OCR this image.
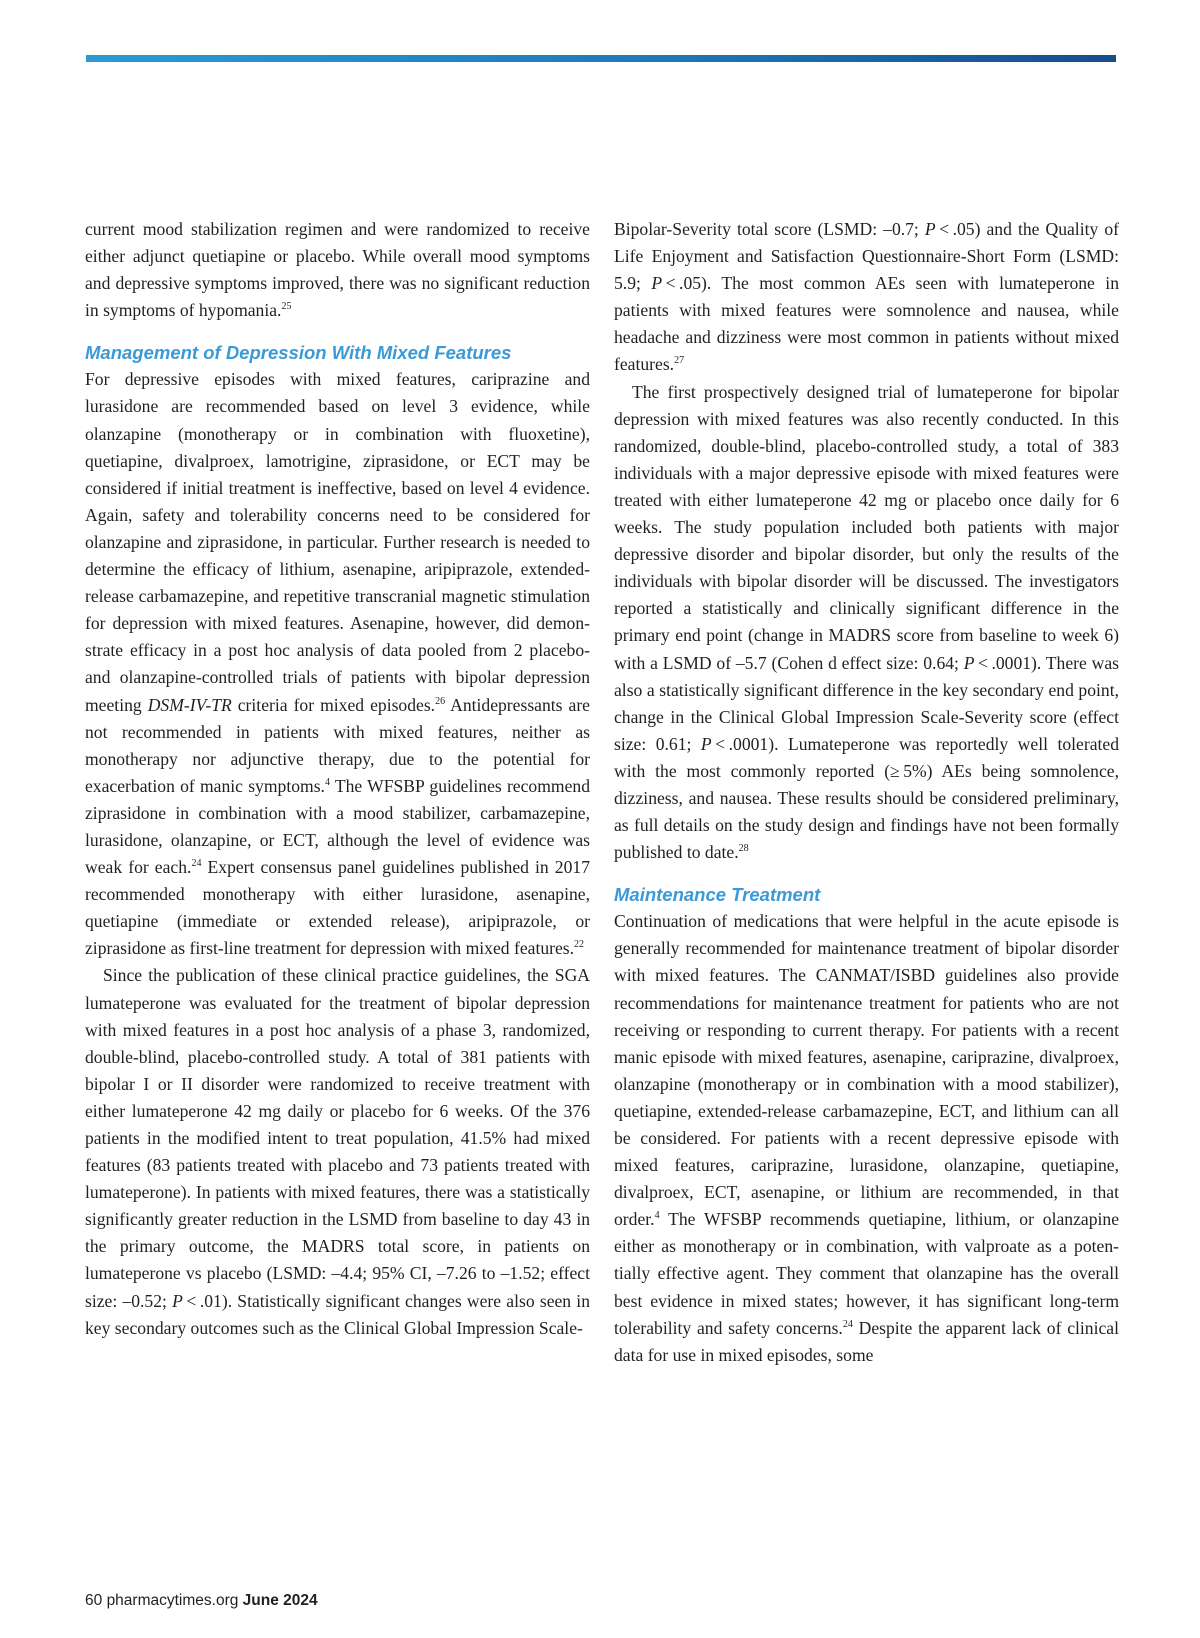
current mood stabilization regimen and were randomized to receive either adjunct quetiapine or placebo. While overall mood symptoms and depressive symptoms improved, there was no significant reduction in symptoms of hypomania.$^{25}$

Management of Depression With Mixed Features

For depressive episodes with mixed features, cariprazine and lurasidone are recommended based on level 3 evidence, while olanzapine (monotherapy or in combination with fluoxetine), quetiapine, divalproex, lamotrigine, ziprasidone, or ECT may be considered if initial treatment is ineffective, based on level 4 evidence. Again, safety and tolerability concerns need to be considered for olanzapine and ziprasidone, in particular. Further research is needed to determine the efficacy of lithium, asenapine, aripiprazole, extended-release carbamazepine, and repetitive transcranial magnetic stimulation for depression with mixed features. Asenapine, however, did demonstrate efficacy in a post hoc analysis of data pooled from 2 placebo- and olanzapine-controlled trials of patients with bipolar depression meeting DSM-IV-TR criteria for mixed episodes.$^{26}$ Antidepressants are not recommended in patients with mixed features, neither as monotherapy nor adjunctive therapy, due to the potential for exacerbation of manic symptoms.$^4$ The WFSBP guidelines recommend ziprasidone in combination with a mood stabilizer, carbamazepine, lurasidone, olanzapine, or ECT, although the level of evidence was weak for each.$^{24}$ Expert consensus panel guidelines published in 2017 recommended monotherapy with either lurasidone, asenapine, quetiapine (immediate or extended release), aripiprazole, or ziprasidone as first-line treatment for depression with mixed features.$^{22}$

Since the publication of these clinical practice guidelines, the SGA lumateperone was evaluated for the treatment of bipolar depression with mixed features in a post hoc analysis of a phase 3, randomized, double-blind, placebo-controlled study. A total of 381 patients with bipolar I or II disorder were randomized to receive treatment with either lumateperone 42 mg daily or placebo for 6 weeks. Of the 376 patients in the modified intent to treat population, 41.5% had mixed features (83 patients treated with placebo and 73 patients treated with lumateperone). In patients with mixed features, there was a statistically significantly greater reduction in the LSMD from baseline to day 43 in the primary outcome, the MADRS total score, in patients on lumateperone vs placebo (LSMD: –4.4; 95% CI, –7.26 to –1.52; effect size: –0.52; P < .01). Statistically significant changes were also seen in key secondary outcomes such as the Clinical Global Impression Scale-

Bipolar-Severity total score (LSMD: –0.7; P < .05) and the Quality of Life Enjoyment and Satisfaction Questionnaire-Short Form (LSMD: 5.9; P < .05). The most common AEs seen with lumateperone in patients with mixed features were somnolence and nausea, while headache and dizziness were most common in patients without mixed features.$^{27}$

The first prospectively designed trial of lumateperone for bipolar depression with mixed features was also recently conducted. In this randomized, double-blind, placebo-controlled study, a total of 383 individuals with a major depressive episode with mixed features were treated with either lumateperone 42 mg or placebo once daily for 6 weeks. The study population included both patients with major depressive disorder and bipolar disorder, but only the results of the individuals with bipolar disorder will be discussed. The investigators reported a statistically and clinically significant difference in the primary end point (change in MADRS score from baseline to week 6) with a LSMD of –5.7 (Cohen d effect size: 0.64; P < .0001). There was also a statistically significant difference in the key secondary end point, change in the Clinical Global Impression Scale-Severity score (effect size: 0.61; P < .0001). Lumateperone was reportedly well tolerated with the most commonly reported (≥ 5%) AEs being somnolence, dizziness, and nausea. These results should be considered preliminary, as full details on the study design and findings have not been formally published to date.$^{28}$

Maintenance Treatment

Continuation of medications that were helpful in the acute episode is generally recommended for maintenance treatment of bipolar disorder with mixed features. The CANMAT/ISBD guidelines also provide recommendations for maintenance treatment for patients who are not receiving or responding to current therapy. For patients with a recent manic episode with mixed features, asenapine, cariprazine, divalproex, olanzapine (monotherapy or in combination with a mood stabilizer), quetiapine, extended-release carbamazepine, ECT, and lithium can all be considered. For patients with a recent depressive episode with mixed features, cariprazine, lurasidone, olanzapine, quetiapine, divalproex, ECT, asenapine, or lithium are recommended, in that order.$^4$ The WFSBP recommends quetiapine, lithium, or olanzapine either as monotherapy or in combination, with valproate as a potentially effective agent. They comment that olanzapine has the overall best evidence in mixed states; however, it has significant long-term tolerability and safety concerns.$^{24}$ Despite the apparent lack of clinical data for use in mixed episodes, some

60 pharmacytimes.org June 2024
